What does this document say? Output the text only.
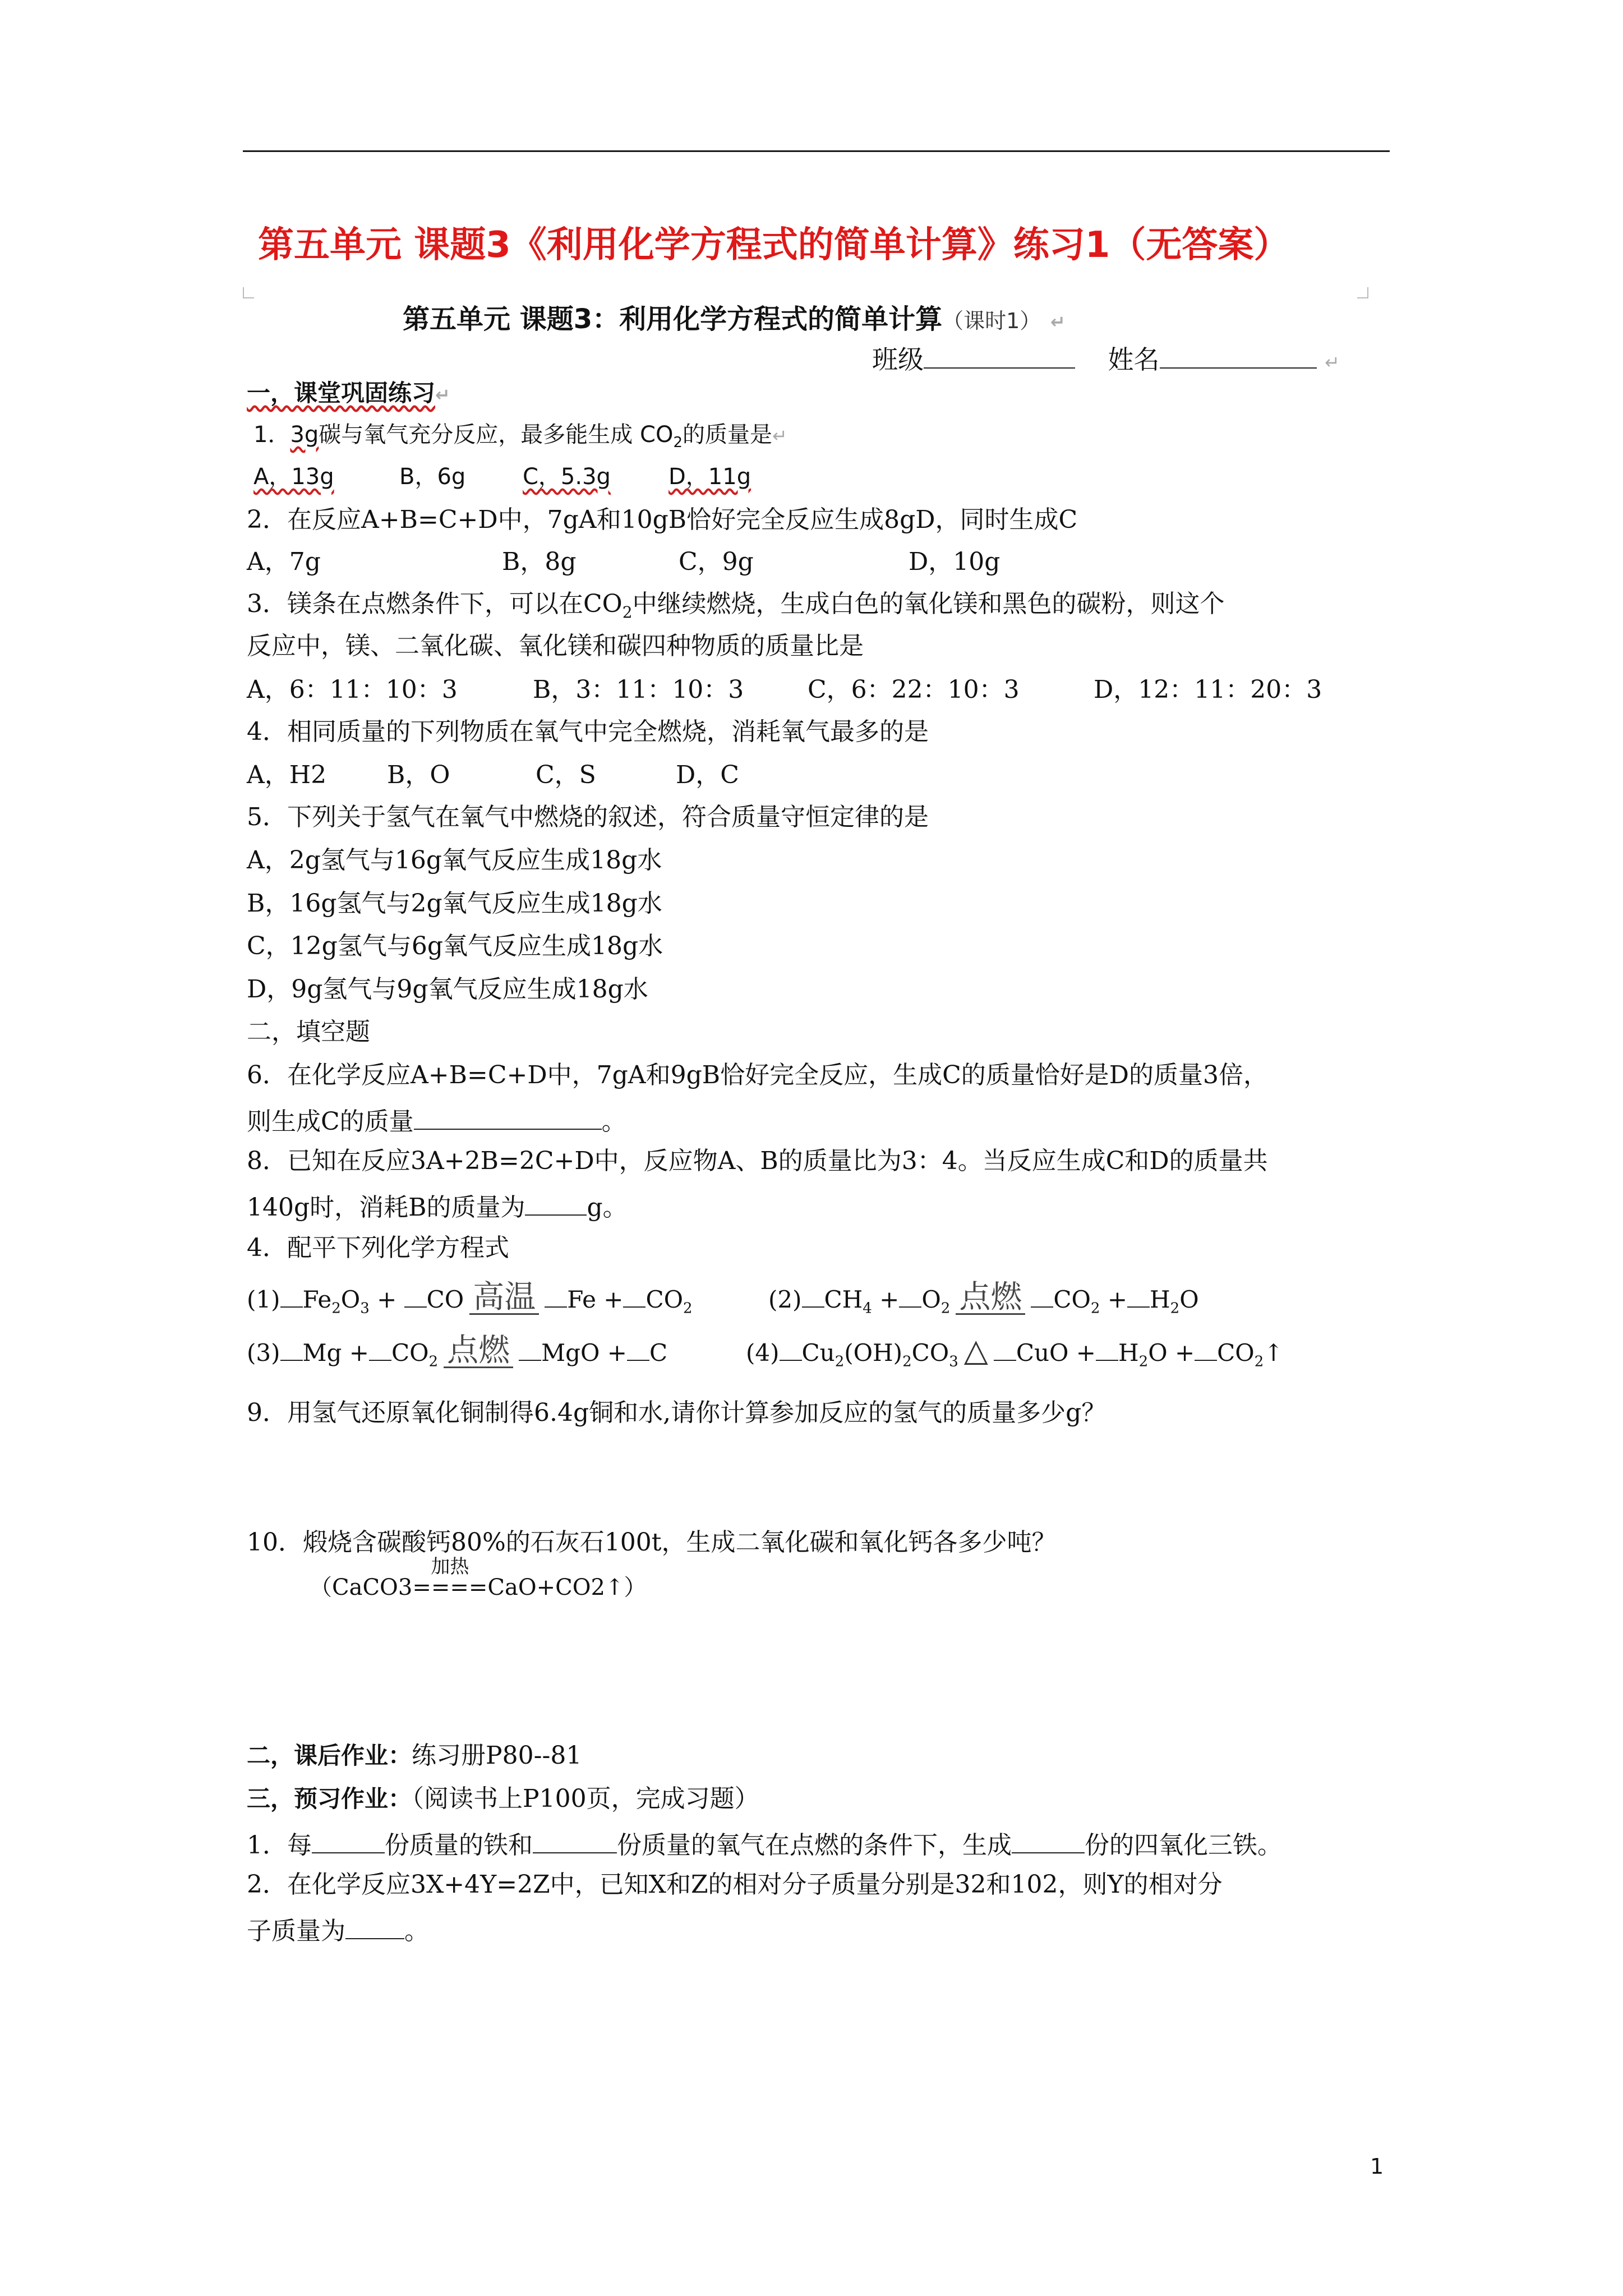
第五单元 课题3《利用化学方程式的简单计算》练习1（无答案）
第五单元 课题3：利用化学方程式的简单计算（课时1） ↵
班级	姓名	↵
一，课堂巩固练习↵
1．3g碳与氧气充分反应，最多能生成 $CO_2$的质量是↵
A，13g	B，6g	C，5.3g	D，11g
2．在反应A+B=C+D中，7gA和10gB恰好完全反应生成8gD，同时生成C
A，7g	B，8g	C，9g	D，10g
3．镁条在点燃条件下，可以在$CO_2$中继续燃烧，生成白色的氧化镁和黑色的碳粉，则这个
反应中，镁、二氧化碳、氧化镁和碳四种物质的质量比是
A，6：11：10：3	B，3：11：10：3	C，6：22：10：3	D，12：11：20：3
4．相同质量的下列物质在氧气中完全燃烧，消耗氧气最多的是
A，H2 B，O	C，S	D，C
5．下列关于氢气在氧气中燃烧的叙述，符合质量守恒定律的是
A，2g氢气与16g氧气反应生成18g水
B，16g氢气与2g氧气反应生成18g水
C，12g氢气与6g氧气反应生成18g水
D，9g氢气与9g氧气反应生成18g水
二，填空题
6．在化学反应A+B=C+D中，7gA和9gB恰好完全反应，生成C的质量恰好是D的质量3倍，
则生成C的质量	。
8．已知在反应3A+2B=2C+D中，反应物A、B的质量比为3：4。当反应生成C和D的质量共
140g时，消耗B的质量为	g。
4．配平下列化学方程式
(1) $Fe_2O_3$ + CO 高温 $Fe + CO_2$	(2) $CH_4 + O_2$ 点燃 $CO_2 + H_2O$
(3) $Mg + CO_2$ 点燃 MgO + C	(4) $Cu_2(OH)_2CO_3$ △ CuO + $H_2O$ + $CO_2↑$
9．用氢气还原氧化铜制得6.4g铜和水,请你计算参加反应的氢气的质量多少g？
10．煅烧含碳酸钙80%的石灰石100t，生成二氧化碳和氧化钙各多少吨？
（CaCO3
加热
====CaO+CO2↑）
二，课后作业：练习册P80--81
三，预习作业：（阅读书上P100页，完成习题）
1．每	份质量的铁和	份质量的氧气在点燃的条件下，生成	份的四氧化三铁。
2．在化学反应3X+4Y=2Z中，已知X和Z的相对分子质量分别是32和102，则Y的相对分
子质量为 。
1
